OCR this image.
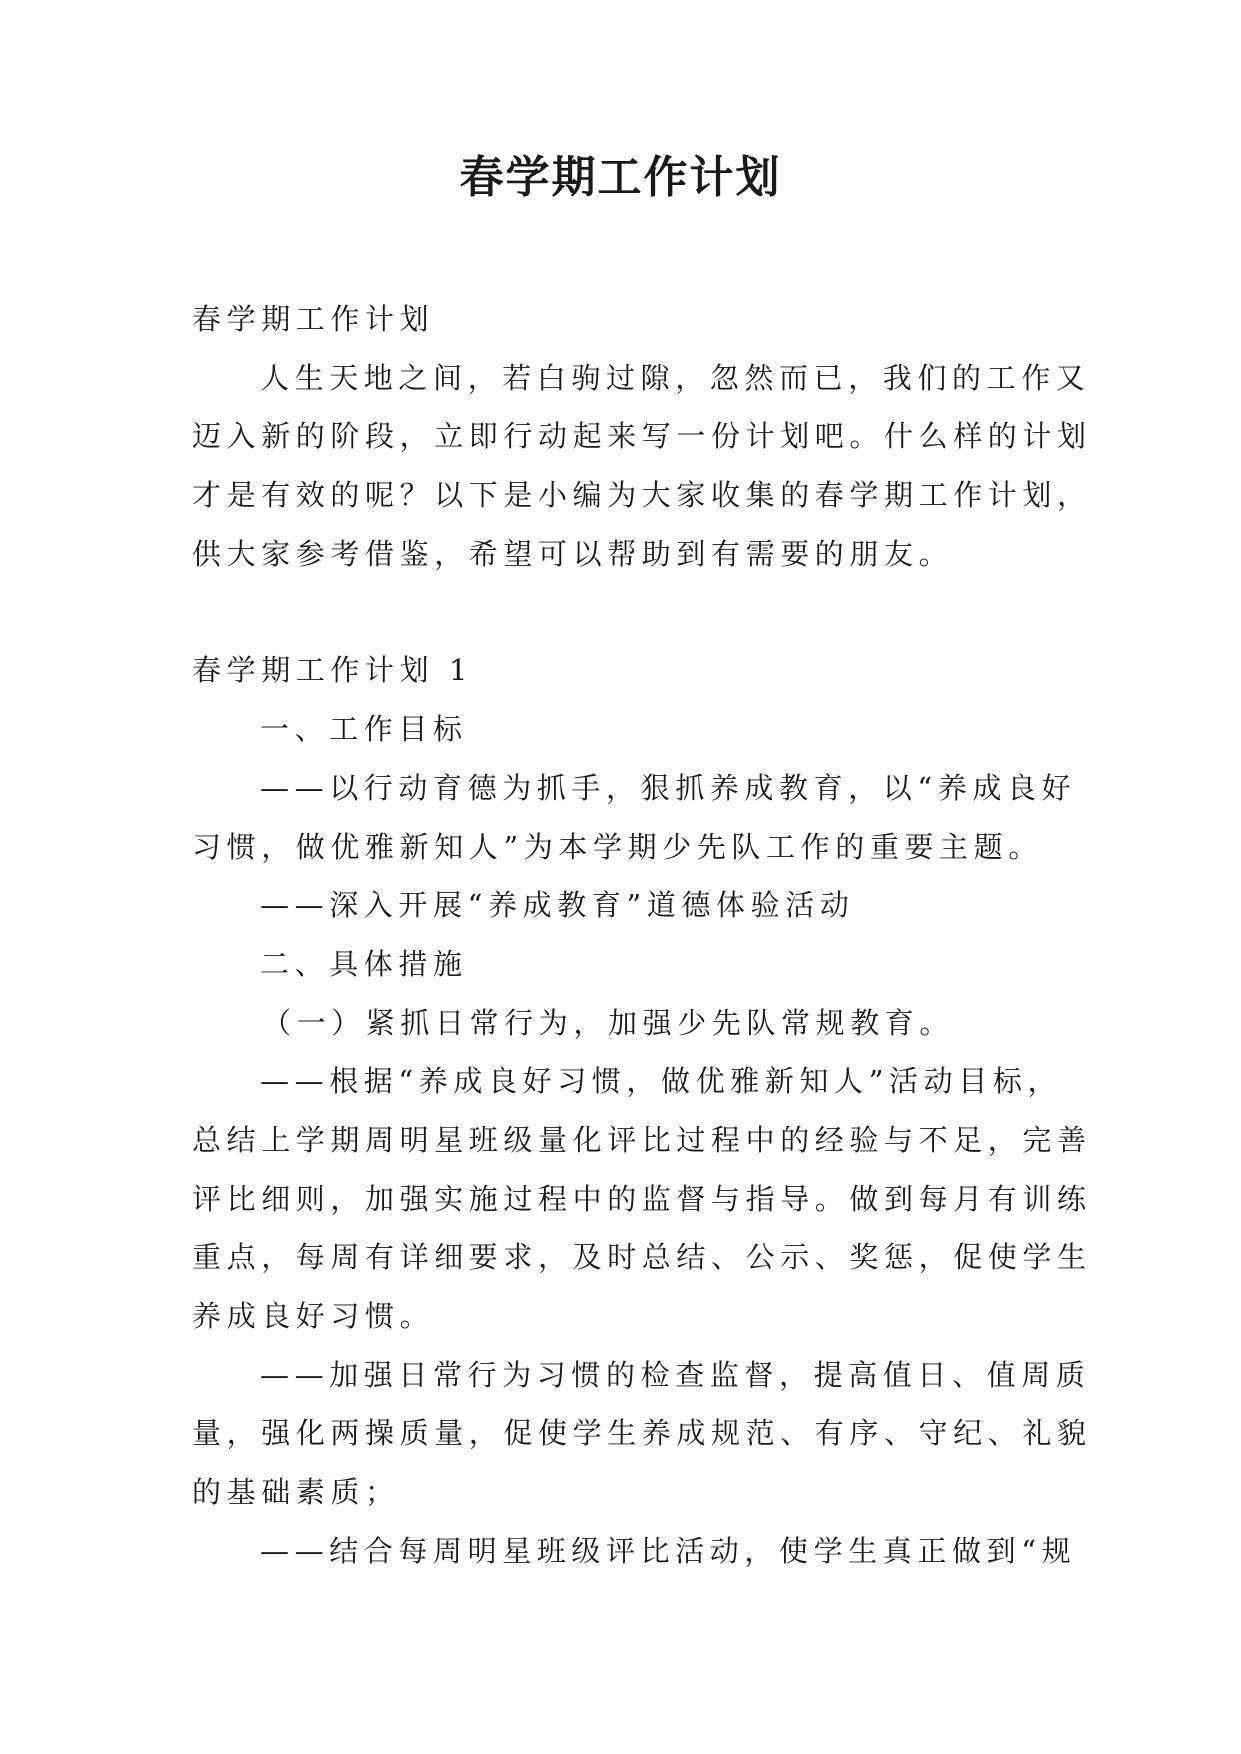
春学期工作计划

春学期工作计划

人生天地之间，若白驹过隙，忽然而已，我们的工作又

迈入新的阶段，立即行动起来写一份计划吧。什么样的计划

才是有效的呢？以下是小编为大家收集的春学期工作计划，

供大家参考借鉴，希望可以帮助到有需要的朋友。

春学期工作计划 1

一、工作目标

——以行动育德为抓手，狠抓养成教育，以“养成良好

习惯，做优雅新知人”为本学期少先队工作的重要主题。

——深入开展“养成教育”道德体验活动

二、具体措施

（一）紧抓日常行为，加强少先队常规教育。

——根据“养成良好习惯，做优雅新知人”活动目标，

总结上学期周明星班级量化评比过程中的经验与不足，完善

评比细则，加强实施过程中的监督与指导。做到每月有训练

重点，每周有详细要求，及时总结、公示、奖惩，促使学生

养成良好习惯。

——加强日常行为习惯的检查监督，提高值日、值周质

量，强化两操质量，促使学生养成规范、有序、守纪、礼貌

的基础素质；

——结合每周明星班级评比活动，使学生真正做到“规
